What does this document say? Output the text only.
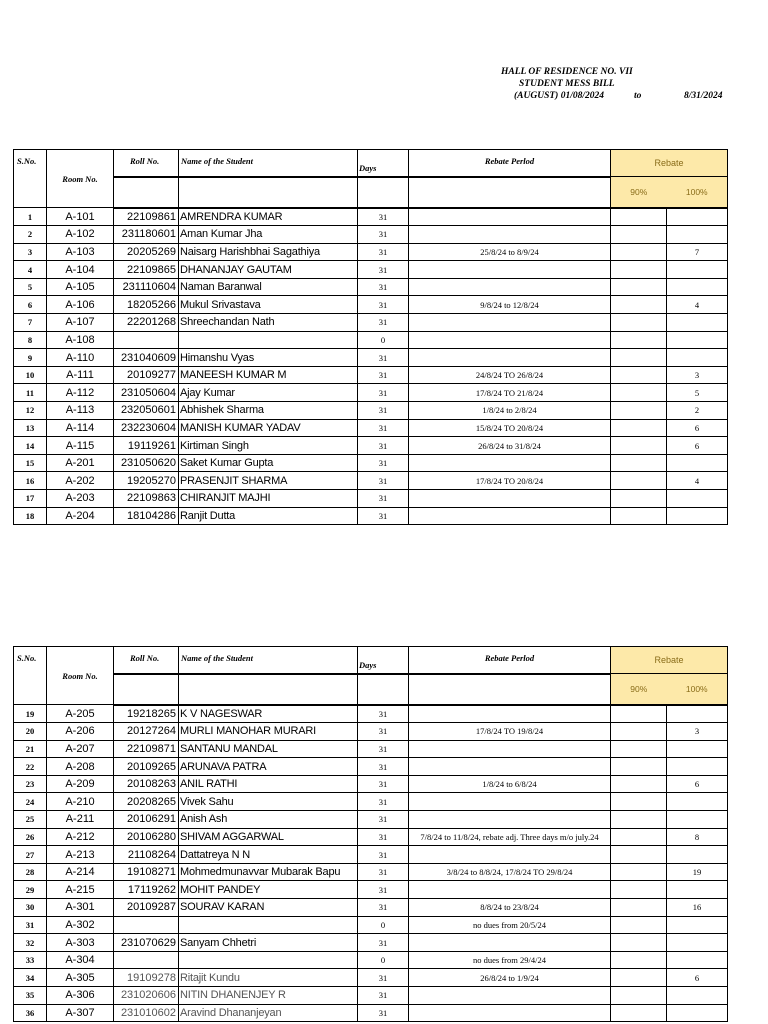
HALL OF RESIDENCE NO. VII
STUDENT MESS BILL
(AUGUST) 01/08/2024	to	8/31/2024
S.No.	Room No.	Roll No.	Name of the Student	Days	Rebate Perlod	Rebate	
						90%	100%
1	A-101	22109861	AMRENDRA KUMAR	31			
2	A-102	231180601	Aman Kumar Jha	31			
3	A-103	20205269	Naisarg Harishbhai Sagathiya	31	25/8/24 to 8/9/24		7
4	A-104	22109865	DHANANJAY GAUTAM	31			
5	A-105	231110604	Naman Baranwal	31			
6	A-106	18205266	Mukul Srivastava	31	9/8/24 to 12/8/24		4
7	A-107	22201268	Shreechandan Nath	31			
8	A-108			0			
9	A-110	231040609	Himanshu Vyas	31			
10	A-111	20109277	MANEESH KUMAR M	31	24/8/24 TO 26/8/24		3
11	A-112	231050604	Ajay Kumar	31	17/8/24 TO 21/8/24		5
12	A-113	232050601	Abhishek Sharma	31	1/8/24 to 2/8/24		2
13	A-114	232230604	MANISH KUMAR YADAV	31	15/8/24 TO 20/8/24		6
14	A-115	19119261	Kirtiman Singh	31	26/8/24 to 31/8/24		6
15	A-201	231050620	Saket Kumar Gupta	31			
16	A-202	19205270	PRASENJIT SHARMA	31	17/8/24 TO 20/8/24		4
17	A-203	22109863	CHIRANJIT MAJHI	31			
18	A-204	18104286	Ranjit Dutta	31			
S.No.	Room No.	Roll No.	Name of the Student	Days	Rebate Perlod	Rebate	
						90%	100%
19	A-205	19218265	K V NAGESWAR	31			
20	A-206	20127264	MURLI MANOHAR MURARI	31	17/8/24 TO 19/8/24		3
21	A-207	22109871	SANTANU MANDAL	31			
22	A-208	20109265	ARUNAVA PATRA	31			
23	A-209	20108263	ANIL RATHI	31	1/8/24 to 6/8/24		6
24	A-210	20208265	Vivek Sahu	31			
25	A-211	20106291	Anish Ash	31			
26	A-212	20106280	SHIVAM AGGARWAL	31	7/8/24 to 11/8/24, rebate adj. Three days m/o july.24		8
27	A-213	21108264	Dattatreya N N	31			
28	A-214	19108271	Mohmedmunavvar Mubarak Bapu	31	3/8/24 to 8/8/24, 17/8/24 TO 29/8/24		19
29	A-215	17119262	MOHIT PANDEY	31			
30	A-301	20109287	SOURAV KARAN	31	8/8/24 to 23/8/24		16
31	A-302			0	no dues from 20/5/24		
32	A-303	231070629	Sanyam Chhetri	31			
33	A-304			0	no dues from 29/4/24		
34	A-305	19109278	Ritajit Kundu	31	26/8/24 to 1/9/24		6
35	A-306	231020606	NITIN DHANENJEY R	31			
36	A-307	231010602	Aravind Dhananjeyan	31			
